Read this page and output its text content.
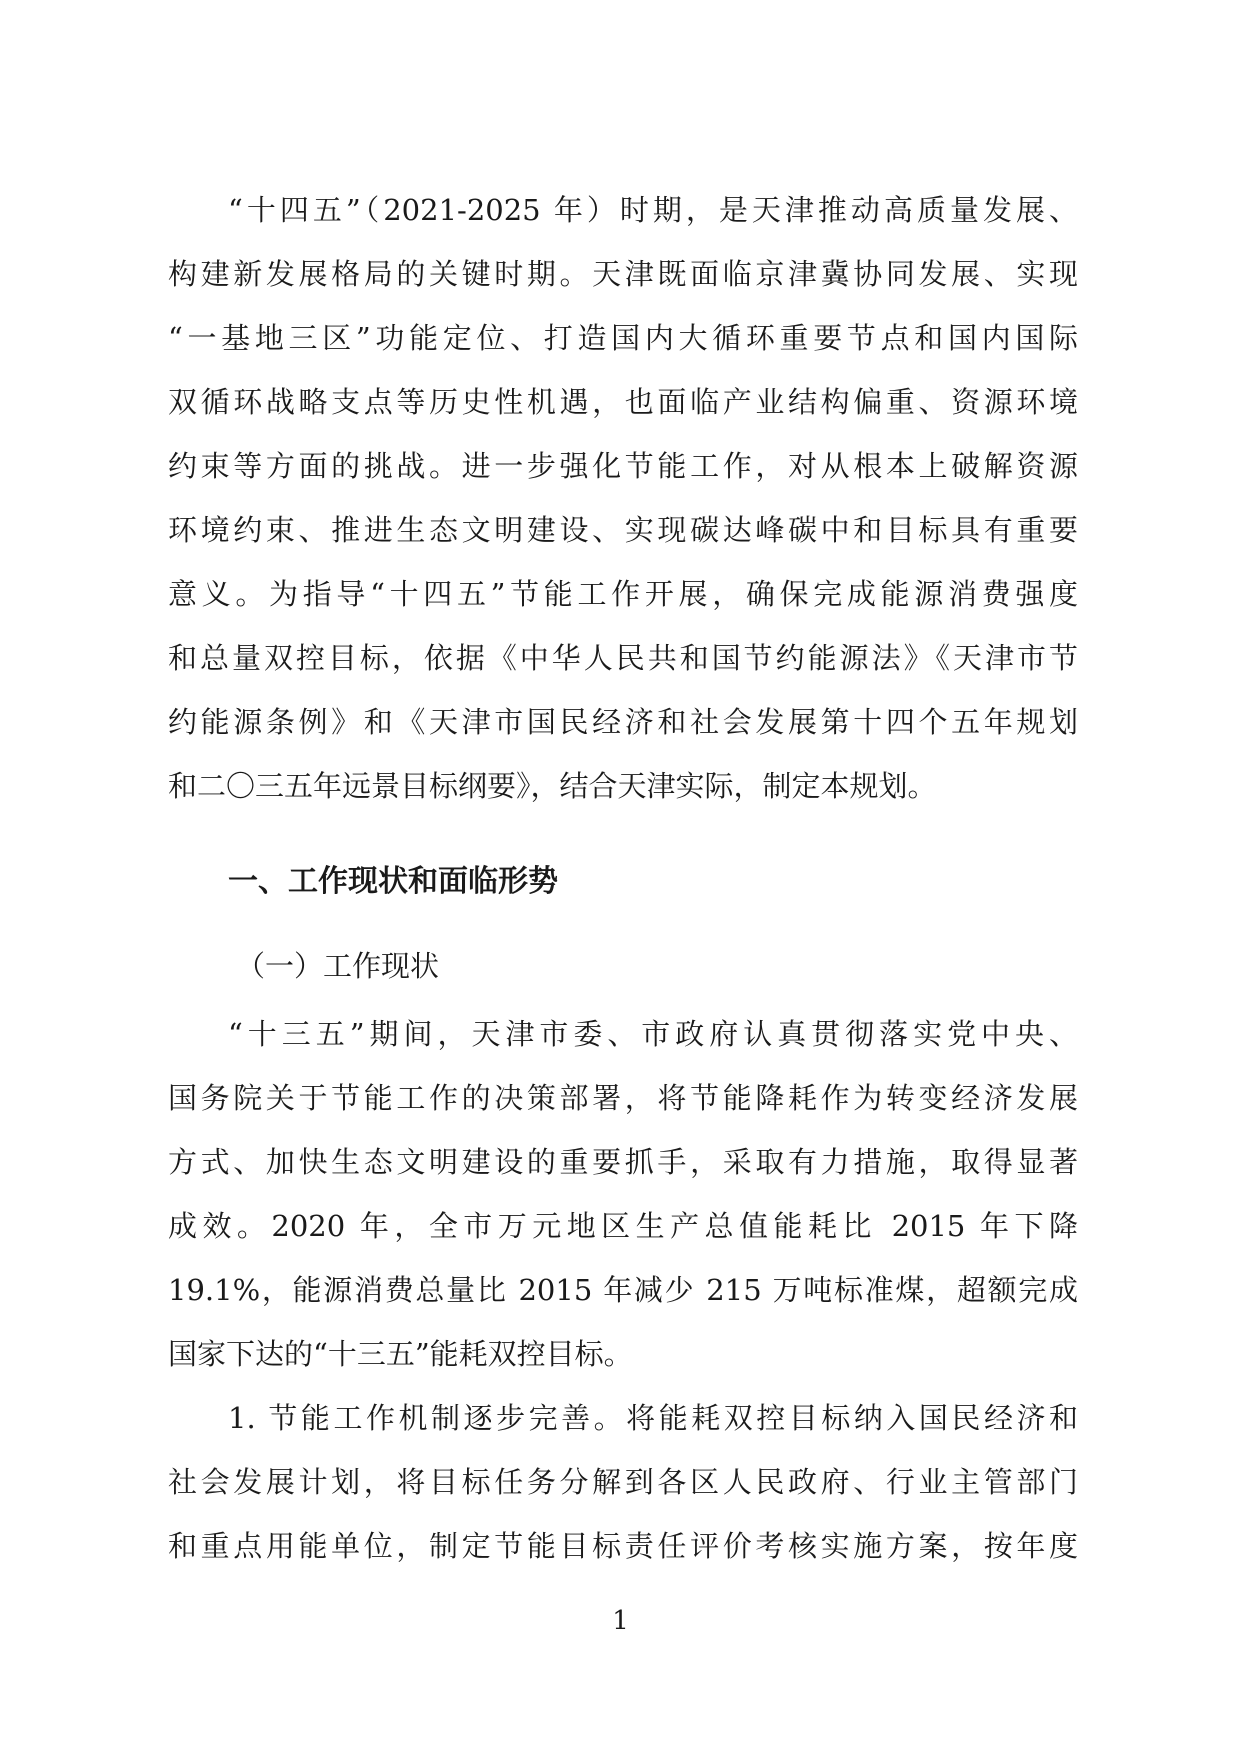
“十四五”（2021-2025 年）时期，是天津推动高质量发展、
构建新发展格局的关键时期。天津既面临京津冀协同发展、实现
“一基地三区”功能定位、打造国内大循环重要节点和国内国际
双循环战略支点等历史性机遇，也面临产业结构偏重、资源环境
约束等方面的挑战。进一步强化节能工作，对从根本上破解资源
环境约束、推进生态文明建设、实现碳达峰碳中和目标具有重要
意义。为指导“十四五”节能工作开展，确保完成能源消费强度
和总量双控目标，依据《中华人民共和国节约能源法》《天津市节
约能源条例》和《天津市国民经济和社会发展第十四个五年规划
和二〇三五年远景目标纲要》，结合天津实际，制定本规划。
一、工作现状和面临形势
（一）工作现状
“十三五”期间，天津市委、市政府认真贯彻落实党中央、
国务院关于节能工作的决策部署，将节能降耗作为转变经济发展
方式、加快生态文明建设的重要抓手，采取有力措施，取得显著
成效。2020 年，全市万元地区生产总值能耗比 2015 年下降
19.1%，能源消费总量比 2015 年减少 215 万吨标准煤，超额完成
国家下达的“十三五”能耗双控目标。
1. 节能工作机制逐步完善。将能耗双控目标纳入国民经济和
社会发展计划，将目标任务分解到各区人民政府、行业主管部门
和重点用能单位，制定节能目标责任评价考核实施方案，按年度
1
